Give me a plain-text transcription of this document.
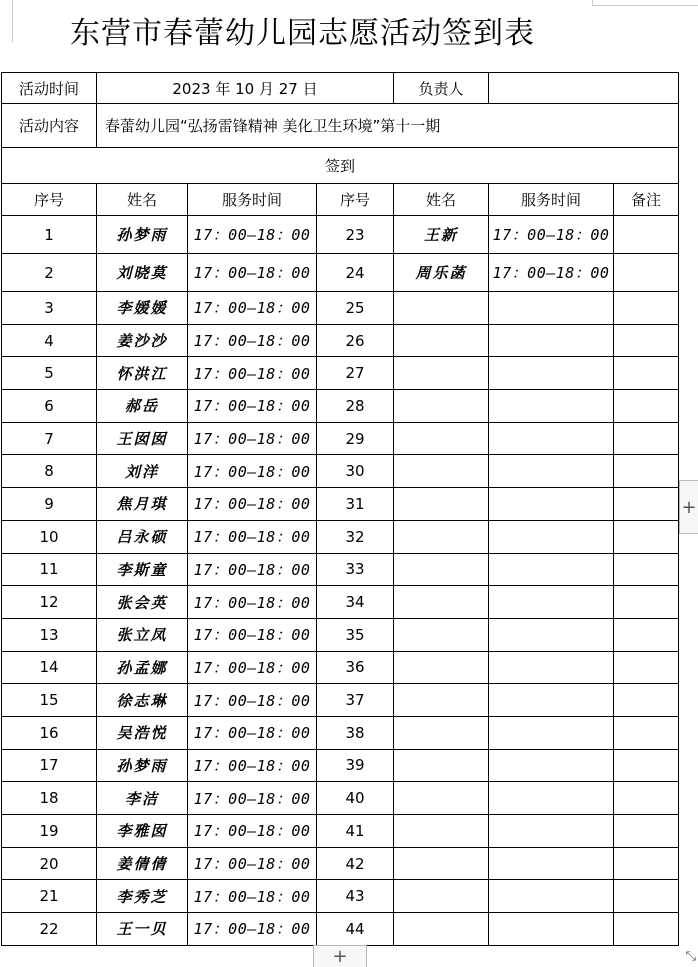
东营市春蕾幼儿园志愿活动签到表
活动时间	2023 年 10 月 27 日			负责人		
活动内容	春蕾幼儿园“弘扬雷锋精神 美化卫生环境”第十一期					
签到						
序号	姓名	服务时间	序号	姓名	服务时间	备注
1	孙梦雨	17：00—18：00	23	王新	17：00—18：00	
2	刘晓莫	17：00—18：00	24	周乐菡	17：00—18：00	
3	李媛媛	17：00—18：00	25			
4	姜沙沙	17：00—18：00	26			
5	怀洪江	17：00—18：00	27			
6	郝岳	17：00—18：00	28			
7	王囡囡	17：00—18：00	29			
8	刘洋	17：00—18：00	30			
9	焦月琪	17：00—18：00	31			
10	吕永硕	17：00—18：00	32			
11	李斯童	17：00—18：00	33			
12	张会英	17：00—18：00	34			
13	张立凤	17：00—18：00	35			
14	孙孟娜	17：00—18：00	36			
15	徐志琳	17：00—18：00	37			
16	吴浩悦	17：00—18：00	38			
17	孙梦雨	17：00—18：00	39			
18	李洁	17：00—18：00	40			
19	李雅囡	17：00—18：00	41			
20	姜倩倩	17：00—18：00	42			
21	李秀芝	17：00—18：00	43			
22	王一贝	17：00—18：00	44			
+
+	⤡
